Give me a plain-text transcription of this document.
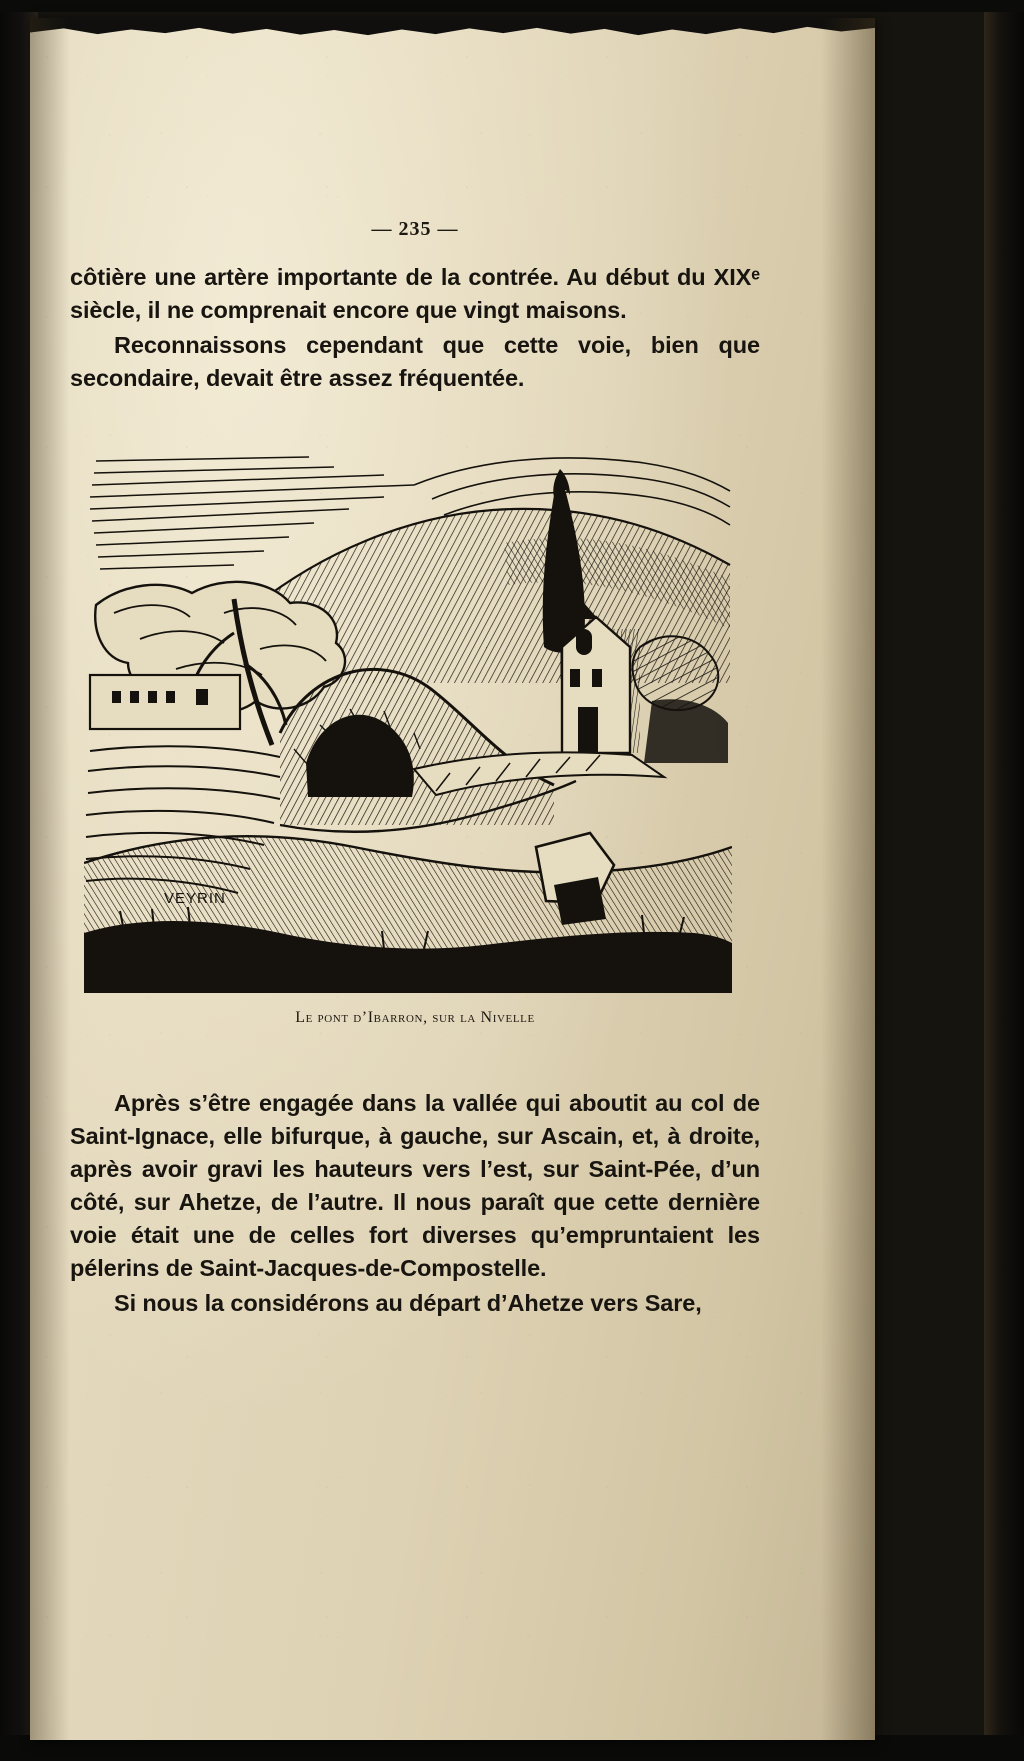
— 235 —
côtière une artère importante de la contrée. Au début du XIXᵉ siècle, il ne comprenait encore que vingt maisons.
Reconnaissons cependant que cette voie, bien que secondaire, devait être assez fréquentée.
VEYRIN
Le pont d’Ibarron, sur la Nivelle
Après s’être engagée dans la vallée qui aboutit au col de Saint-Ignace, elle bifurque, à gauche, sur Ascain, et, à droite, après avoir gravi les hauteurs vers l’est, sur Saint-Pée, d’un côté, sur Ahetze, de l’autre. Il nous paraît que cette dernière voie était une de celles fort diverses qu’empruntaient les pélerins de Saint-Jacques-de-Compostelle.
Si nous la considérons au départ d’Ahetze vers Sare,
